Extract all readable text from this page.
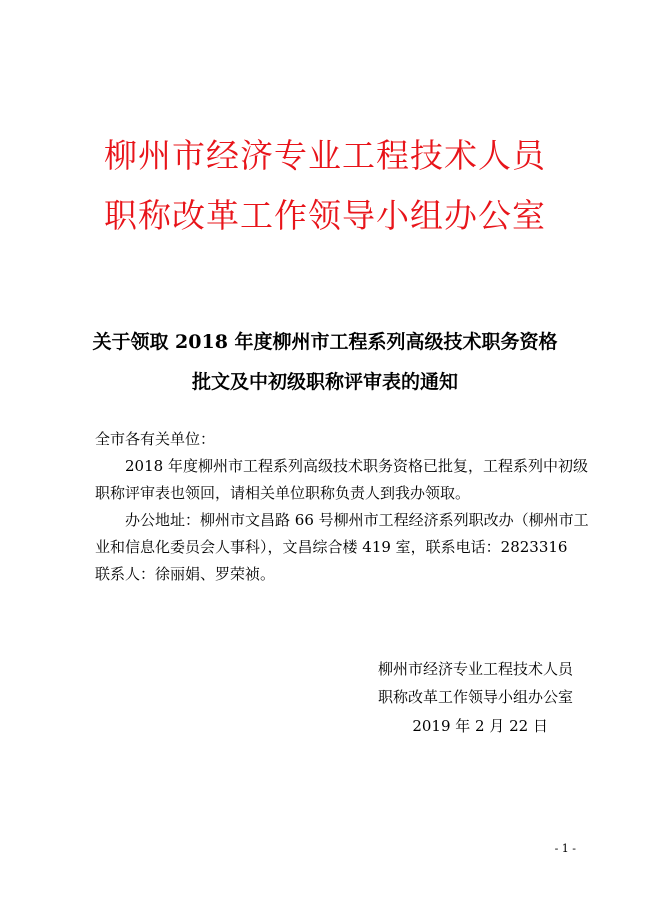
柳州市经济专业工程技术人员
职称改革工作领导小组办公室
关于领取 2018 年度柳州市工程系列高级技术职务资格
批文及中初级职称评审表的通知
全市各有关单位：
2018 年度柳州市工程系列高级技术职务资格已批复，工程系列中初级职称评审表也领回，请相关单位职称负责人到我办领取。
办公地址：柳州市文昌路 66 号柳州市工程经济系列职改办（柳州市工业和信息化委员会人事科），文昌综合楼 419 室，联系电话：2823316　　联系人：徐丽娟、罗荣祯。
柳州市经济专业工程技术人员
职称改革工作领导小组办公室
2019 年 2 月 22 日
- 1 -
